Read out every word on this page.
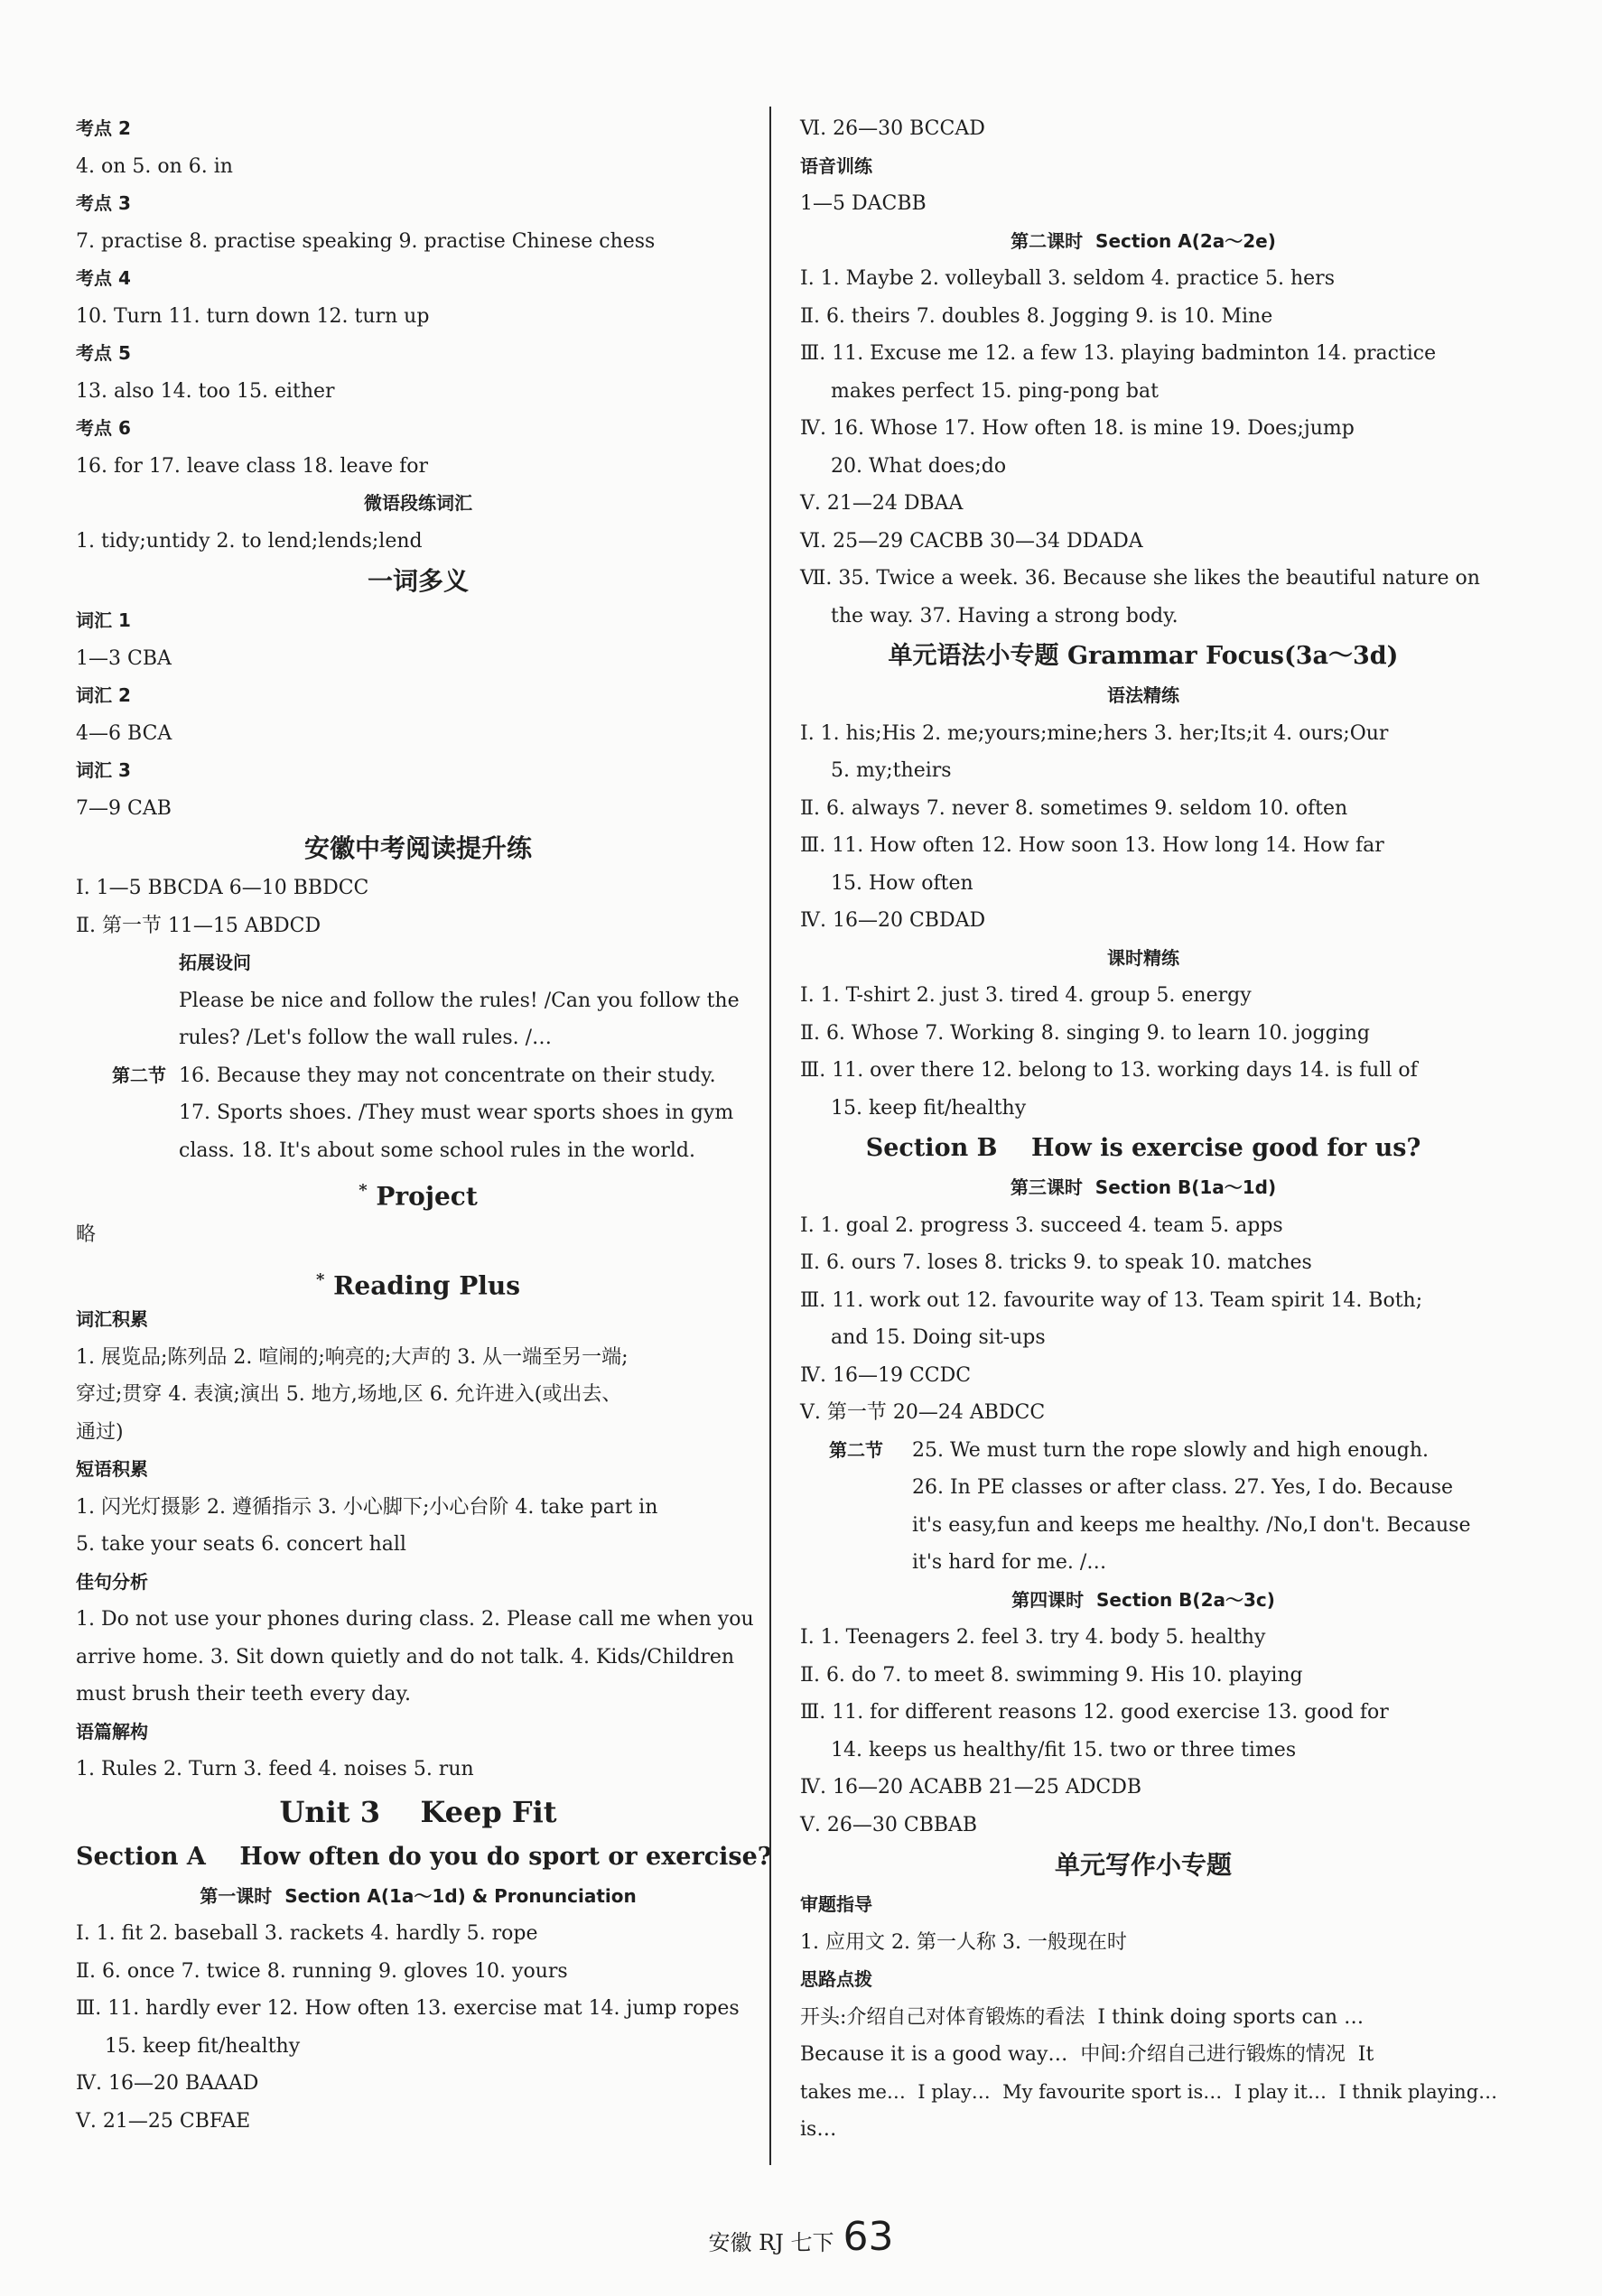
考点 2
4. on 5. on 6. in
考点 3
7. practise 8. practise speaking 9. practise Chinese chess
考点 4
10. Turn 11. turn down 12. turn up
考点 5
13. also 14. too 15. either
考点 6
16. for 17. leave class 18. leave for
微语段练词汇
1. tidy;untidy 2. to lend;lends;lend
一词多义
词汇 1
1—3 CBA
词汇 2
4—6 BCA
词汇 3
7—9 CAB
安徽中考阅读提升练
Ⅰ. 1—5 BBCDA 6—10 BBDCC
Ⅱ. 第一节 11—15 ABDCD
拓展设问
Please be nice and follow the rules! /Can you follow the
rules? /Let's follow the wall rules. /…
第二节 16. Because they may not concentrate on their study.
17. Sports shoes. /They must wear sports shoes in gym
class. 18. It's about some school rules in the world.
* Project
略
* Reading Plus
词汇积累
1. 展览品;陈列品 2. 喧闹的;响亮的;大声的 3. 从一端至另一端;
穿过;贯穿 4. 表演;演出 5. 地方,场地,区 6. 允许进入(或出去、
通过)
短语积累
1. 闪光灯摄影 2. 遵循指示 3. 小心脚下;小心台阶 4. take part in
5. take your seats 6. concert hall
佳句分析
1. Do not use your phones during class. 2. Please call me when you
arrive home. 3. Sit down quietly and do not talk. 4. Kids/Children
must brush their teeth every day.
语篇解构
1. Rules 2. Turn 3. feed 4. noises 5. run
Unit 3    Keep Fit
Section A    How often do you do sport or exercise?
第一课时  Section A(1a～1d) & Pronunciation
Ⅰ. 1. fit 2. baseball 3. rackets 4. hardly 5. rope
Ⅱ. 6. once 7. twice 8. running 9. gloves 10. yours
Ⅲ. 11. hardly ever 12. How often 13. exercise mat 14. jump ropes
15. keep fit/healthy
Ⅳ. 16—20 BAAAD
Ⅴ. 21—25 CBFAE
Ⅵ. 26—30 BCCAD
语音训练
1—5 DACBB
第二课时  Section A(2a～2e)
Ⅰ. 1. Maybe 2. volleyball 3. seldom 4. practice 5. hers
Ⅱ. 6. theirs 7. doubles 8. Jogging 9. is 10. Mine
Ⅲ. 11. Excuse me 12. a few 13. playing badminton 14. practice
makes perfect 15. ping-pong bat
Ⅳ. 16. Whose 17. How often 18. is mine 19. Does;jump
20. What does;do
Ⅴ. 21—24 DBAA
Ⅵ. 25—29 CACBB 30—34 DDADA
Ⅶ. 35. Twice a week. 36. Because she likes the beautiful nature on
the way. 37. Having a strong body.
单元语法小专题 Grammar Focus(3a～3d)
语法精练
Ⅰ. 1. his;His 2. me;yours;mine;hers 3. her;Its;it 4. ours;Our
5. my;theirs
Ⅱ. 6. always 7. never 8. sometimes 9. seldom 10. often
Ⅲ. 11. How often 12. How soon 13. How long 14. How far
15. How often
Ⅳ. 16—20 CBDAD
课时精练
Ⅰ. 1. T-shirt 2. just 3. tired 4. group 5. energy
Ⅱ. 6. Whose 7. Working 8. singing 9. to learn 10. jogging
Ⅲ. 11. over there 12. belong to 13. working days 14. is full of
15. keep fit/healthy
Section B    How is exercise good for us?
第三课时  Section B(1a～1d)
Ⅰ. 1. goal 2. progress 3. succeed 4. team 5. apps
Ⅱ. 6. ours 7. loses 8. tricks 9. to speak 10. matches
Ⅲ. 11. work out 12. favourite way of 13. Team spirit 14. Both;
and 15. Doing sit-ups
Ⅳ. 16—19 CCDC
Ⅴ. 第一节 20—24 ABDCC
第二节 25. We must turn the rope slowly and high enough.
26. In PE classes or after class. 27. Yes, I do. Because
it's easy,fun and keeps me healthy. /No,I don't. Because
it's hard for me. /…
第四课时  Section B(2a～3c)
Ⅰ. 1. Teenagers 2. feel 3. try 4. body 5. healthy
Ⅱ. 6. do 7. to meet 8. swimming 9. His 10. playing
Ⅲ. 11. for different reasons 12. good exercise 13. good for
14. keeps us healthy/fit 15. two or three times
Ⅳ. 16—20 ACABB 21—25 ADCDB
Ⅴ. 26—30 CBBAB
单元写作小专题
审题指导
1. 应用文 2. 第一人称 3. 一般现在时
思路点拨
开头:介绍自己对体育锻炼的看法  I think doing sports can …
Because it is a good way…  中间:介绍自己进行锻炼的情况  It
takes me…  I play…  My favourite sport is…  I play it…  I thnik playing…
is…
安徽 RJ 七下 63
